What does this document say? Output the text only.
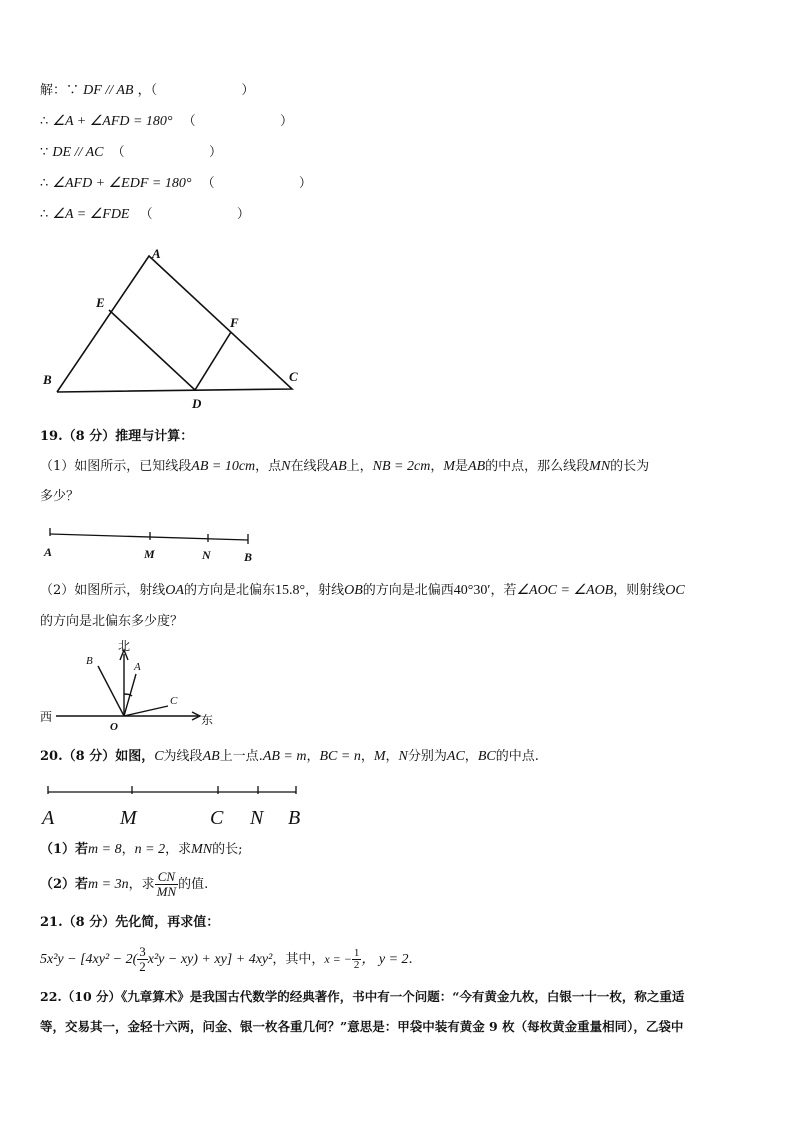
解：∵ DF // AB ，（	）
∴ ∠A + ∠AFD = 180° （	）
∵ DE // AC （	）
∴ ∠AFD + ∠EDF = 180° （	）
∴ ∠A = ∠FDE （	）
A
E
F
B	C
D
19.（8 分）推理与计算：
（1）如图所示，已知线段AB = 10cm，点N在线段AB上，NB = 2cm，M是AB的中点，那么线段MN的长为
多少？
A	M	N	B
（2）如图所示，射线OA的方向是北偏东15.8°，射线OB的方向是北偏西40°30′，若∠AOC = ∠AOB，则射线OC
的方向是北偏东多少度？
北
西	东
B	A
C
O
20.（8 分）如图，C为线段AB上一点.AB = m，BC = n，M，N分别为AC，BC的中点.
A	M	C N B
（1）若m = 8，n = 2，求MN的长;
（2）若m = 3n，求 $\frac{CN}{MN}$ 的值.
21.（8 分）先化简，再求值：
$5x^2y - [4xy^2 - 2( \frac{3}{2} x^2y - xy) + xy] + 4xy^2$，其中，x = − $\frac{1}{2}$ ， y = 2.
22.（10 分）《九章算术》是我国古代数学的经典著作，书中有一个问题：“今有黄金九枚，白银一十一枚，称之重适
等，交易其一，金轻十六两，问金、银一枚各重几何？”意思是：甲袋中装有黄金 9 枚（每枚黄金重量相同），乙袋中
